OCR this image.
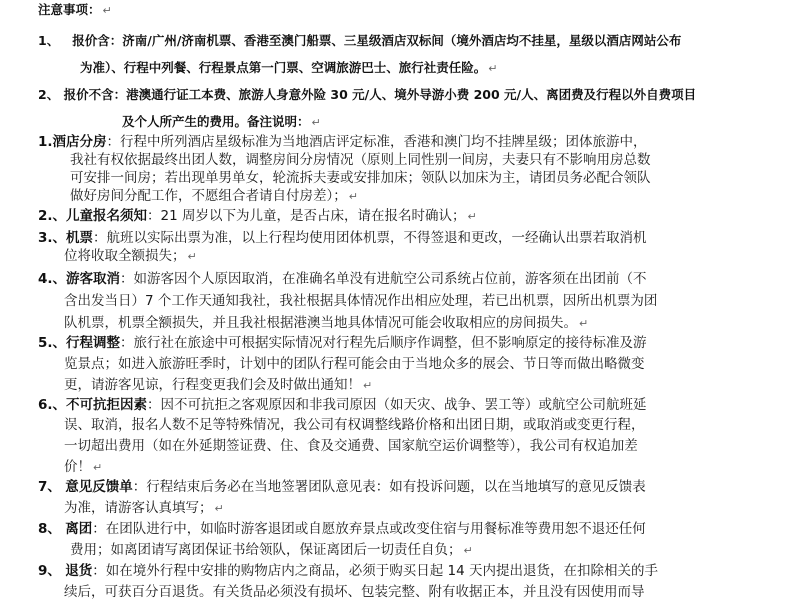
注意事项： ↵
1、 报价含：济南/广州/济南机票、香港至澳门船票、三星级酒店双标间（境外酒店均不挂星，星级以酒店网站公布
为准）、行程中列餐、行程景点第一门票、空调旅游巴士、旅行社责任险。 ↵
2、 报价不含：港澳通行证工本费、旅游人身意外险 30 元/人、境外导游小费 200 元/人、离团费及行程以外自费项目
及个人所产生的费用。备注说明： ↵
1.酒店分房：行程中所列酒店星级标准为当地酒店评定标准，香港和澳门均不挂牌星级；团体旅游中，
我社有权依据最终出团人数，调整房间分房情况（原则上同性别一间房，夫妻只有不影响用房总数
可安排一间房；若出现单男单女，轮流拆夫妻或安排加床；领队以加床为主，请团员务必配合领队
做好房间分配工作，不愿组合者请自付房差）； ↵
2.、儿童报名须知：21 周岁以下为儿童，是否占床，请在报名时确认； ↵
3.、机票：航班以实际出票为准，以上行程均使用团体机票，不得签退和更改，一经确认出票若取消机
位将收取全额损失； ↵
4.、游客取消：如游客因个人原因取消，在准确名单没有进航空公司系统占位前，游客须在出团前（不
含出发当日）7 个工作天通知我社，我社根据具体情况作出相应处理，若已出机票，因所出机票为团
队机票，机票全额损失，并且我社根据港澳当地具体情况可能会收取相应的房间损失。 ↵
5.、行程调整：旅行社在旅途中可根据实际情况对行程先后顺序作调整，但不影响原定的接待标准及游
览景点；如进入旅游旺季时，计划中的团队行程可能会由于当地众多的展会、节日等而做出略微变
更，请游客见谅，行程变更我们会及时做出通知！ ↵
6.、不可抗拒因素：因不可抗拒之客观原因和非我司原因（如天灾、战争、罢工等）或航空公司航班延
误、取消，报名人数不足等特殊情况，我公司有权调整线路价格和出团日期，或取消或变更行程，
一切超出费用（如在外延期签证费、住、食及交通费、国家航空运价调整等），我公司有权追加差
价！ ↵
7、 意见反馈单：行程结束后务必在当地签署团队意见表：如有投诉问题，以在当地填写的意见反馈表
为准，请游客认真填写； ↵
8、 离团：在团队进行中，如临时游客退团或自愿放弃景点或改变住宿与用餐标准等费用恕不退还任何
费用；如离团请写离团保证书给领队，保证离团后一切责任自负； ↵
9、 退货：如在境外行程中安排的购物店内之商品，必须于购买日起 14 天内提出退货，在扣除相关的手
续后，可获百分百退货。有关货品必须没有损坏、包装完整、附有收据正本，并且没有因使用而导
